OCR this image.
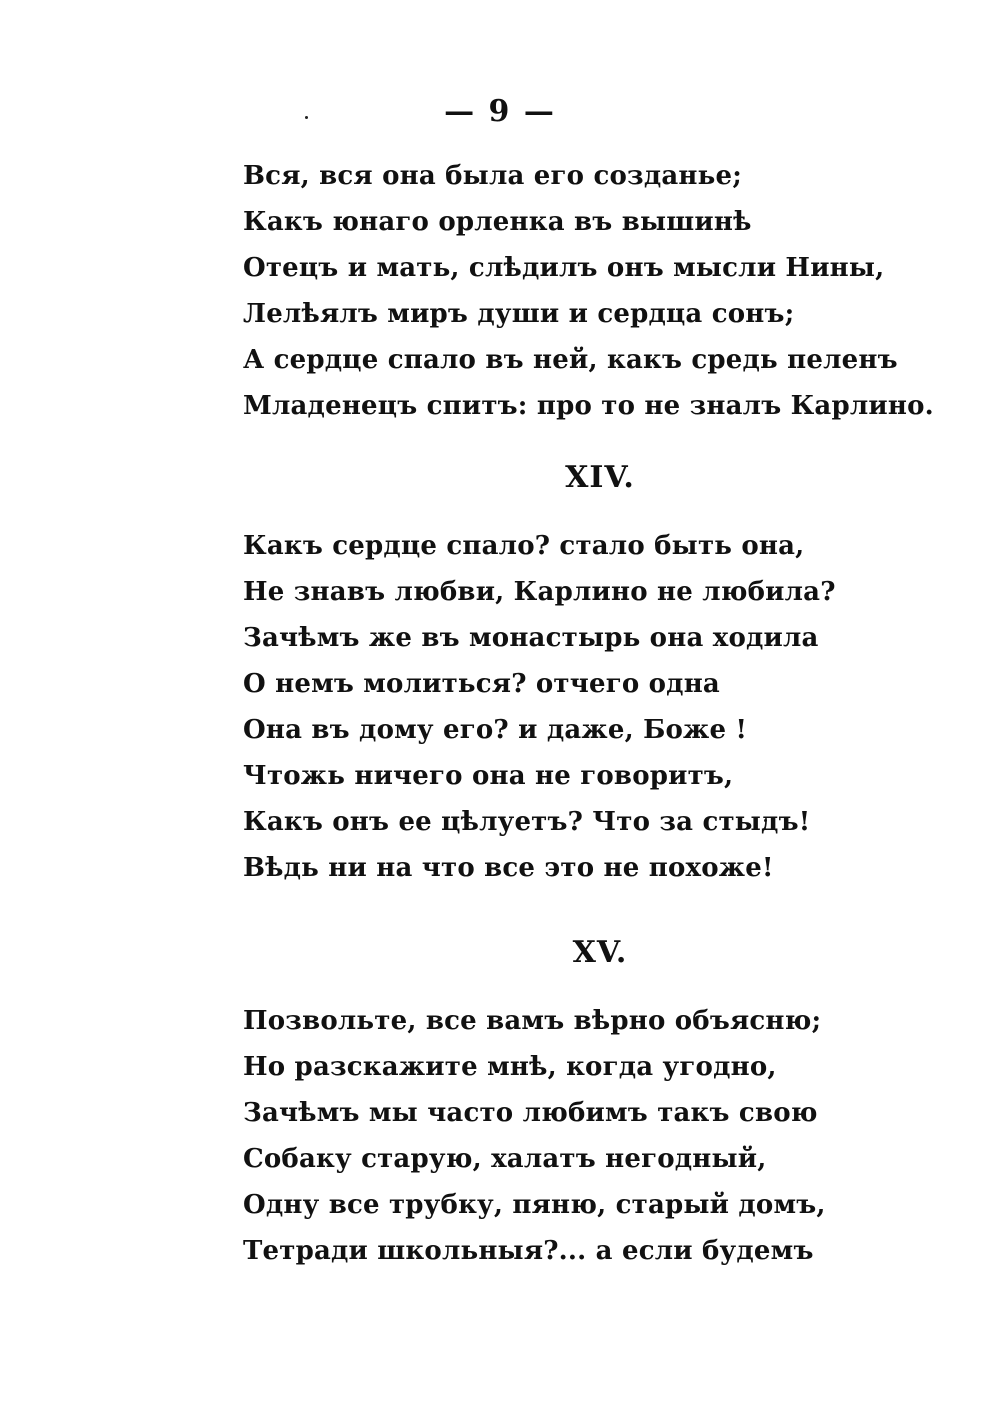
— 9 —
Вся, вся она была его созданье;
Какъ юнаго орленка въ вышинѣ
Отецъ и мать, слѣдилъ онъ мысли Нины,
Лелѣялъ миръ души и сердца сонъ;
А сердце спало въ ней, какъ средь пеленъ
Младенецъ спитъ: про то не зналъ Карлино.
XIV.
Какъ сердце спало? стало быть она,
Не знавъ любви, Карлино не любила?
Зачѣмъ же въ монастырь она ходила
О немъ молиться? отчего одна
Она въ дому его? и даже, Боже !
Чтожь ничего она не говоритъ,
Какъ онъ ее цѣлуетъ? Что за стыдъ!
Вѣдь ни на что все это не похоже!
XV.
Позвольте, все вамъ вѣрно объясню;
Но разскажите мнѣ, когда угодно,
Зачѣмъ мы часто любимъ такъ свою
Собаку старую, халатъ негодный,
Одну все трубку, пяню, старый домъ,
Тетради школьныя?... а если будемъ
